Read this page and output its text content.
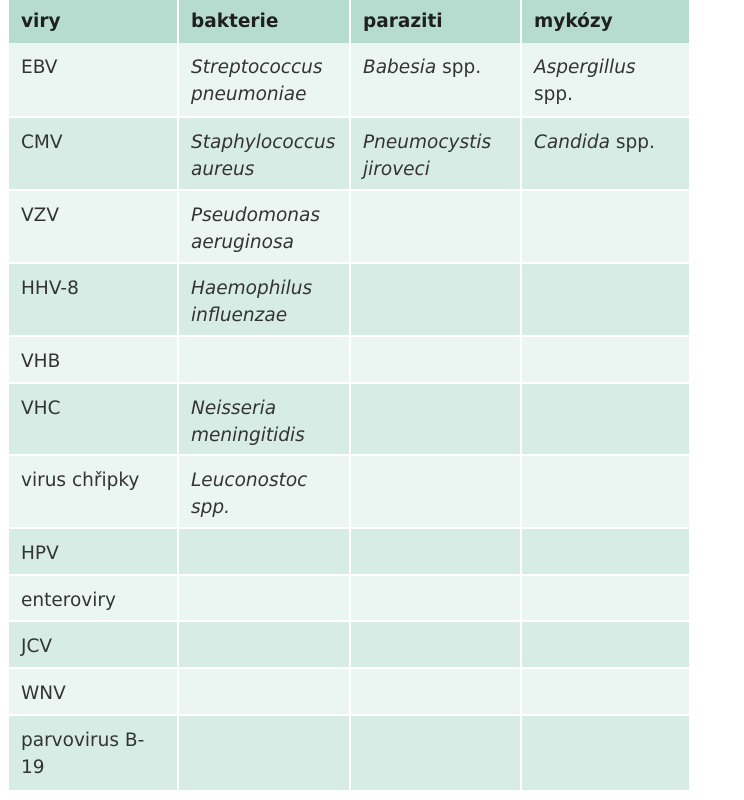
viry	bakterie	paraziti	mykózy
EBV	Streptococcus pneumoniae	Babesia spp.	Aspergillus spp.
CMV	Staphylococcus aureus	Pneumocystis jiroveci	Candida spp.
VZV	Pseudomonas aeruginosa		
HHV-8	Haemophilus influenzae		
VHB			
VHC	Neisseria meningitidis		
virus chřipky	Leuconostoc spp.		
HPV			
enteroviry			
JCV			
WNV			
parvovirus B-19			
